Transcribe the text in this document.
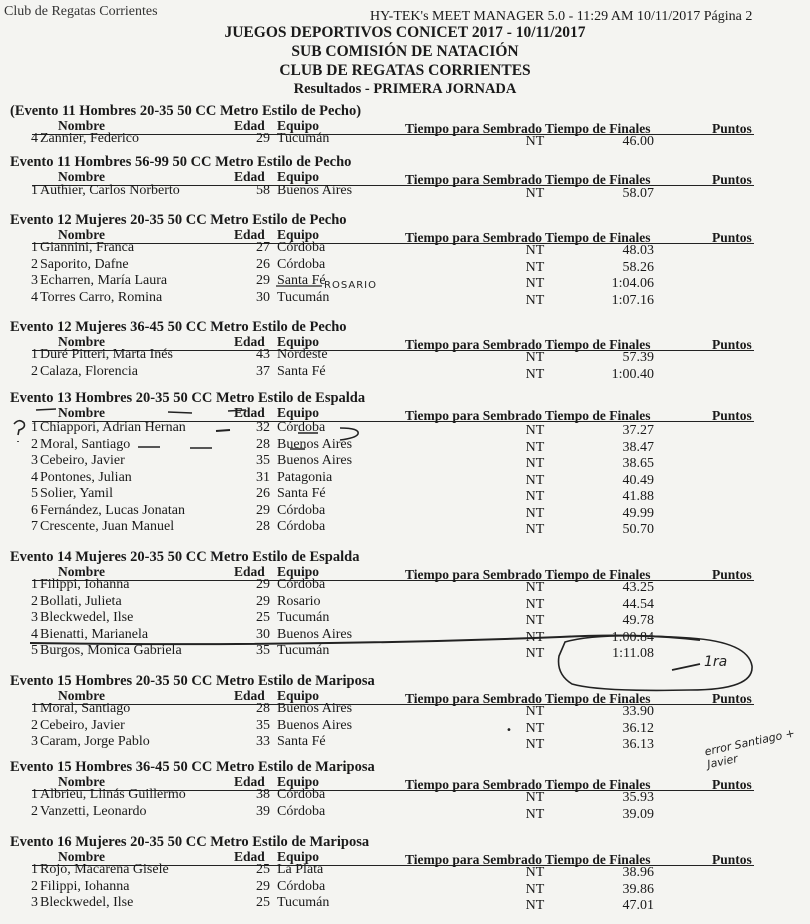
Club de Regatas Corrientes	HY-TEK's MEET MANAGER 5.0 - 11:29 AM 10/11/2017 Página 2
JUEGOS DEPORTIVOS CONICET 2017 - 10/11/2017
SUB COMISIÓN DE NATACIÓN
CLUB DE REGATAS CORRIENTES
Resultados - PRIMERA JORNADA
(Evento 11 Hombres 20-35 50 CC Metro Estilo de Pecho)
Nombre	Edad Equipo	Tiempo para Sembrado Tiempo de Finales	Puntos
4 Zannier, Federico	29 Tucumán	NT	46.00
Evento 11 Hombres 56-99 50 CC Metro Estilo de Pecho
Nombre	Edad Equipo	Tiempo para Sembrado Tiempo de Finales	Puntos
1 Authier, Carlos Norberto	58 Buenos Aires	NT	58.07
Evento 12 Mujeres 20-35 50 CC Metro Estilo de Pecho
Nombre	Edad Equipo	Tiempo para Sembrado Tiempo de Finales	Puntos
1 Giannini, Franca	27 Córdoba	NT	48.03
2 Saporito, Dafne	26 Córdoba	NT	58.26
3 Echarren, María Laura	29 Santa Fé	NT	1:04.06
4 Torres Carro, Romina	30 Tucumán	NT	1:07.16
Evento 12 Mujeres 36-45 50 CC Metro Estilo de Pecho
Nombre	Edad Equipo	Tiempo para Sembrado Tiempo de Finales	Puntos
1 Duré Pitteri, Marta Inés	43 Nordeste	NT	57.39
2 Calaza, Florencia	37 Santa Fé	NT	1:00.40
Evento 13 Hombres 20-35 50 CC Metro Estilo de Espalda
Nombre	Edad Equipo	Tiempo para Sembrado Tiempo de Finales	Puntos
1 Chiappori, Adrian Hernan	32 Córdoba	NT	37.27
2 Moral, Santiago	28 Buenos Aires	NT	38.47
3 Cebeiro, Javier	35 Buenos Aires	NT	38.65
4 Pontones, Julian	31 Patagonia	NT	40.49
5 Solier, Yamil	26 Santa Fé	NT	41.88
6 Fernández, Lucas Jonatan	29 Córdoba	NT	49.99
7 Crescente, Juan Manuel	28 Córdoba	NT	50.70
Evento 14 Mujeres 20-35 50 CC Metro Estilo de Espalda
Nombre	Edad Equipo	Tiempo para Sembrado Tiempo de Finales	Puntos
1 Filippi, Iohanna	29 Córdoba	NT	43.25
2 Bollati, Julieta	29 Rosario	NT	44.54
3 Bleckwedel, Ilse	25 Tucumán	NT	49.78
4 Bienatti, Marianela	30 Buenos Aires	NT	1:00.84
5 Burgos, Monica Gabriela	35 Tucumán	NT	1:11.08
Evento 15 Hombres 20-35 50 CC Metro Estilo de Mariposa
Nombre	Edad Equipo	Tiempo para Sembrado Tiempo de Finales	Puntos
1 Moral, Santiago	28 Buenos Aires	NT	33.90
2 Cebeiro, Javier	35 Buenos Aires	NT	36.12
3 Caram, Jorge Pablo	33 Santa Fé	NT	36.13
Evento 15 Hombres 36-45 50 CC Metro Estilo de Mariposa
Nombre	Edad Equipo	Tiempo para Sembrado Tiempo de Finales	Puntos
1 Albrieu, Llinás Guillermo	38 Córdoba	NT	35.93
2 Vanzetti, Leonardo	39 Córdoba	NT	39.09
Evento 16 Mujeres 20-35 50 CC Metro Estilo de Mariposa
Nombre	Edad Equipo	Tiempo para Sembrado Tiempo de Finales	Puntos
1 Rojo, Macarena Gisele	25 La Plata	NT	38.96
2 Filippi, Iohanna	29 Córdoba	NT	39.86
3 Bleckwedel, Ilse	25 Tucumán	NT	47.01
ROSARIO
1ra
error Santiago + Javier
•
